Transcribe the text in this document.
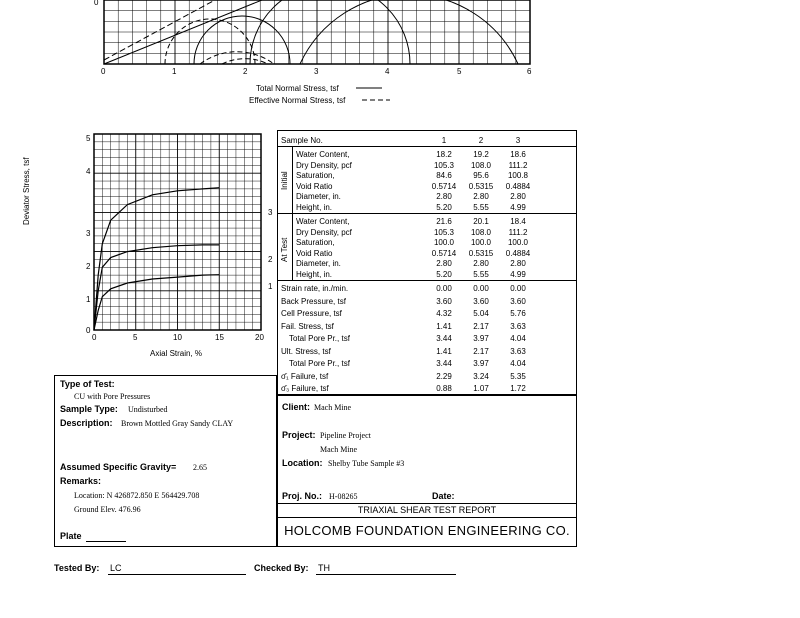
0
0	1	2	3	4	5	6
Total Normal Stress, tsf
Effective Normal Stress, tsf
5
4
3
2
1
0
0	5	10	15	20
Axial Strain, %
Deviator Stress, tsf	3
2
1
Sample No.	1	2	3
Initial
At Test
Water Content,	18.2	19.2	18.6
Dry Density, pcf	105.3	108.0	111.2
Saturation,	84.6	95.6	100.8
Void Ratio	0.5714	0.5315	0.4884
Diameter, in.	2.80	2.80	2.80
Height, in.	5.20	5.55	4.99
Water Content,	21.6	20.1	18.4
Dry Density, pcf	105.3	108.0	111.2
Saturation,	100.0	100.0	100.0
Void Ratio	0.5714	0.5315	0.4884
Diameter, in.	2.80	2.80	2.80
Height, in.	5.20	5.55	4.99
Strain rate, in./min.	0.00	0.00	0.00
Back Pressure, tsf	3.60	3.60	3.60
Cell Pressure, tsf	4.32	5.04	5.76
Fail. Stress, tsf	1.41	2.17	3.63
Total Pore Pr., tsf	3.44	3.97	4.04
Ult. Stress, tsf	1.41	2.17	3.63
Total Pore Pr., tsf	3.44	3.97	4.04
σ̄₁ Failure, tsf	2.29	3.24	5.35
σ̄₃ Failure, tsf	0.88	1.07	1.72
Type of Test:
CU with Pore Pressures
Sample Type: Undisturbed
Description: Brown Mottled Gray Sandy CLAY
Assumed Specific Gravity= 2.65
Remarks:
Location: N 426872.850 E 564429.708
Ground Elev. 476.96
Plate
Client: Mach Mine
Project: Pipeline Project
Mach Mine
Location: Shelby Tube Sample #3
Proj. No.: H-08265	Date:
TRIAXIAL SHEAR TEST REPORT
HOLCOMB FOUNDATION ENGINEERING CO.
Tested By: LC	Checked By: TH
